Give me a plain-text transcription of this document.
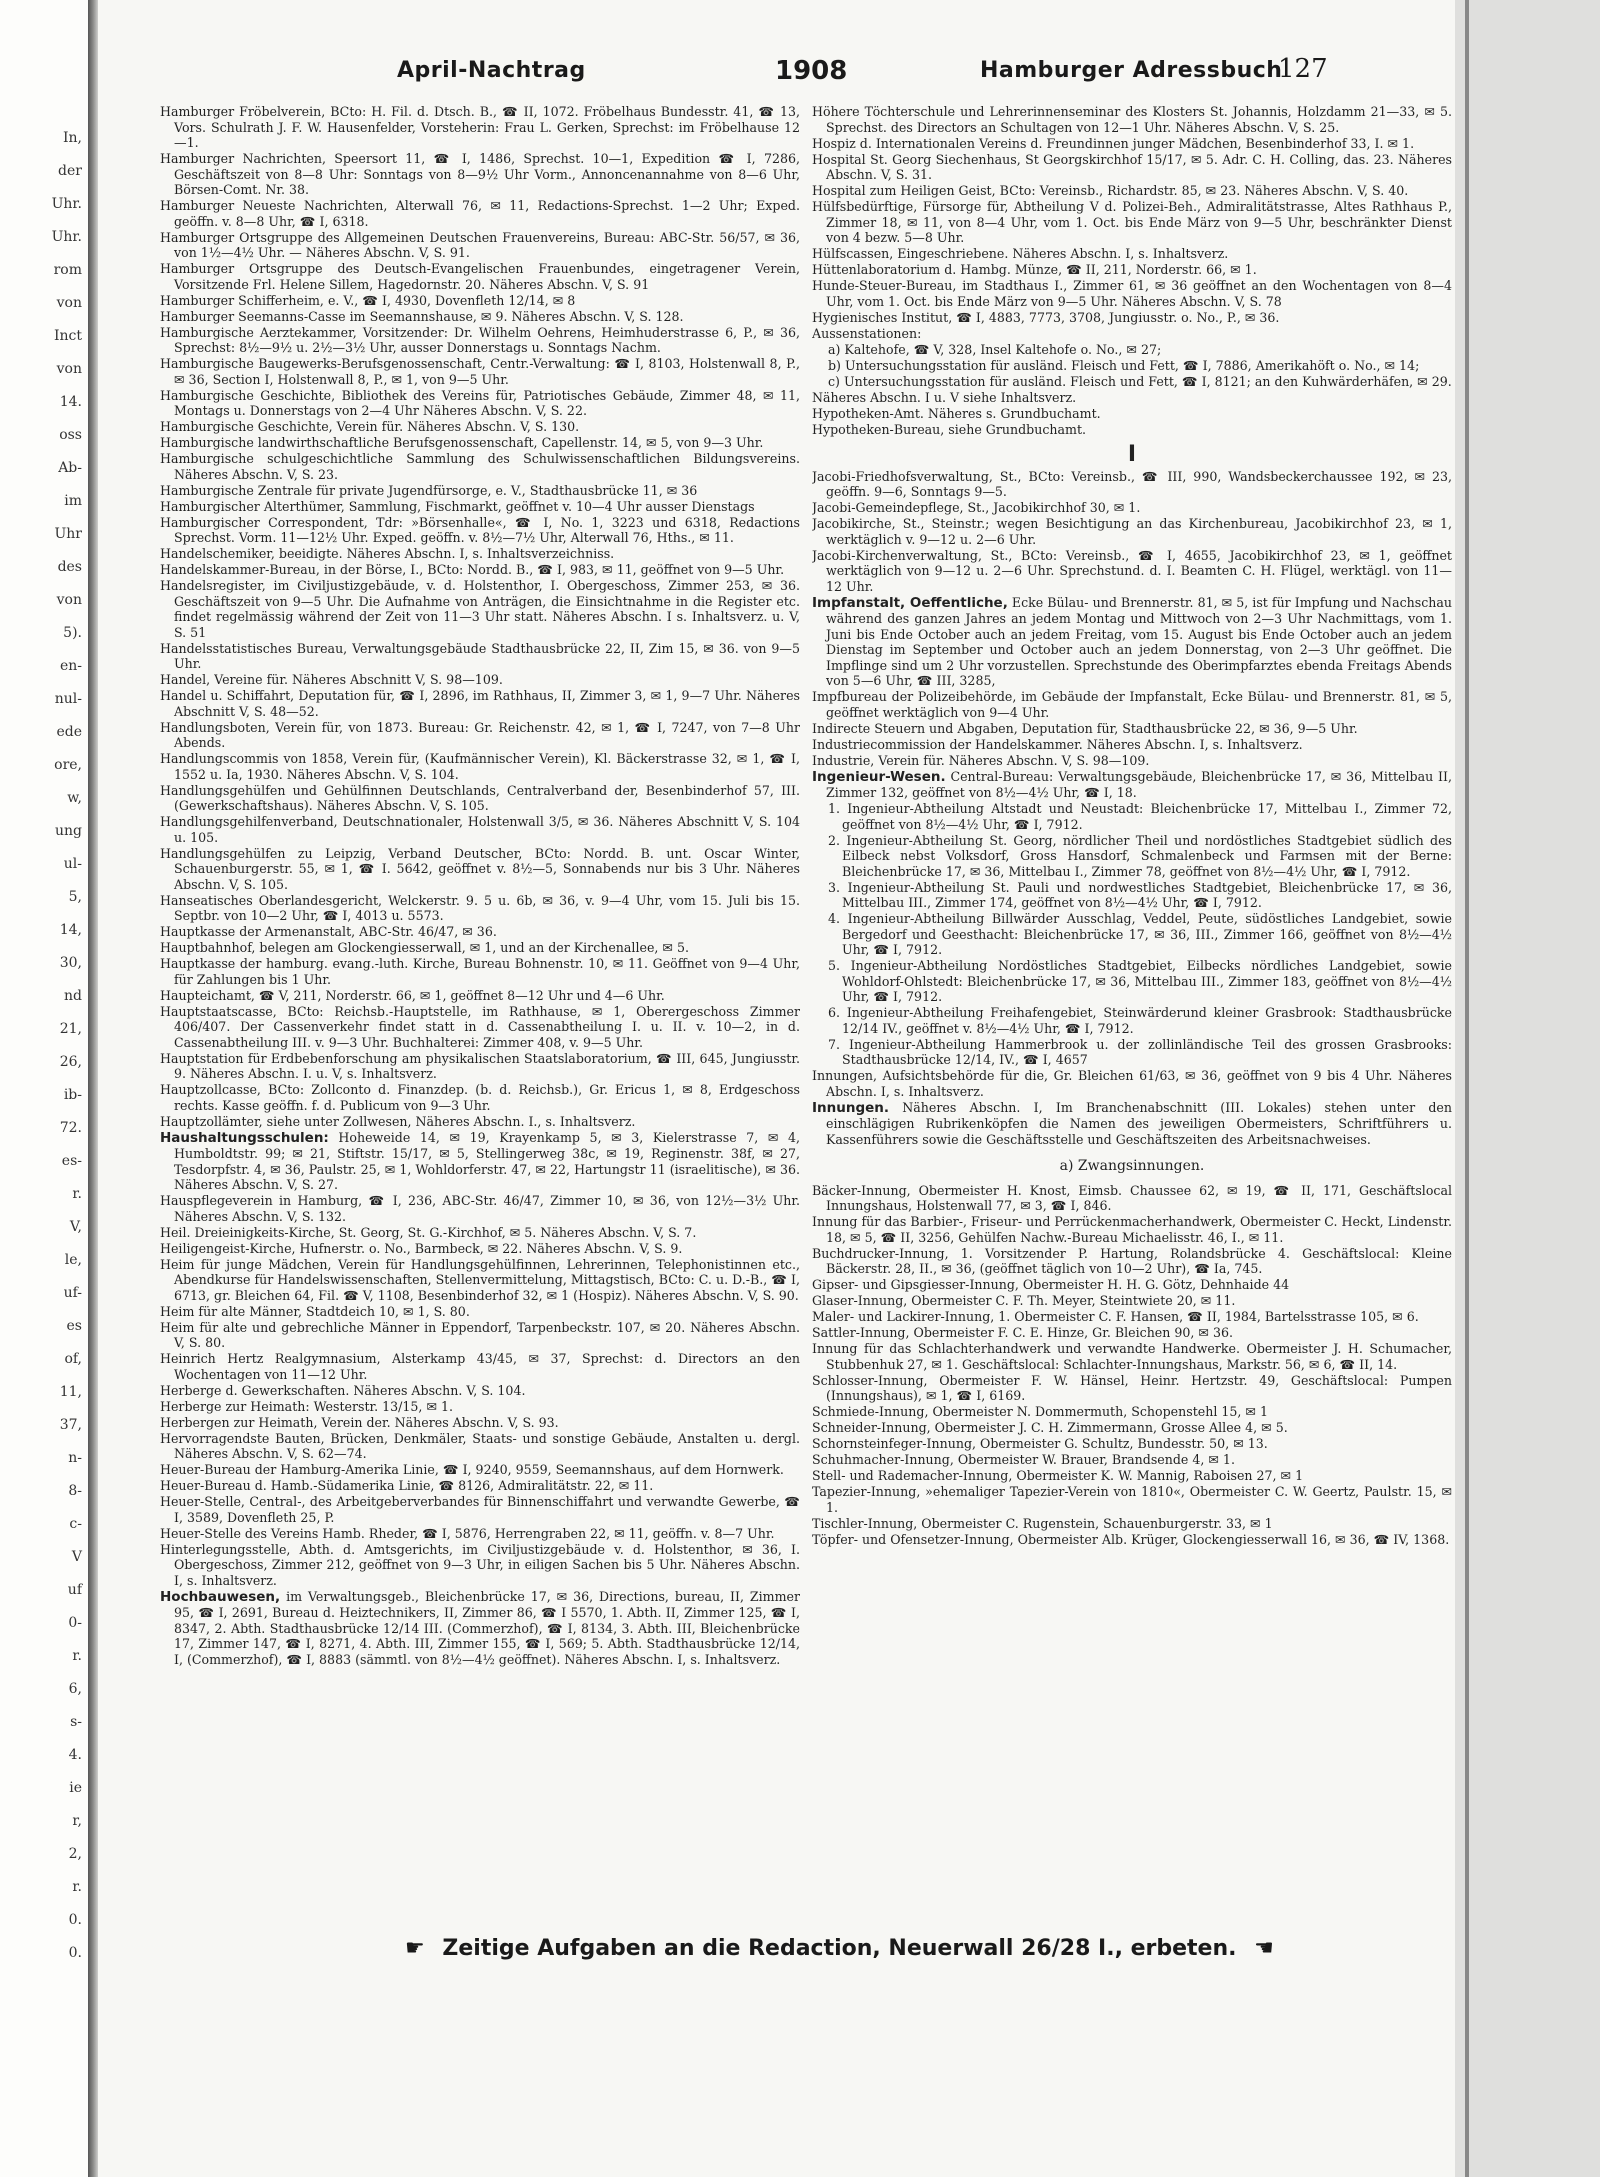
In,
der
Uhr.
Uhr.
rom
von
Inct
von
14.
oss
Ab-
im
Uhr
des
von
5).
en-
nul-
ede
ore,
w,
ung
ul-
5,
14,
30,
nd
21,
26,
ib-
72.
es-
r.
V,
le,
uf-
es
of,
11,
37,
n-
8-
c-
V
uf
0-
r.
6,
s-
4.
ie
r,
2,
r.
0.
0.
April-Nachtrag	1908	Hamburger Adressbuch
127
Hamburger Fröbelverein, BCto: H. Fil. d. Dtsch. B., ☎ II, 1072. Fröbelhaus Bundesstr. 41, ☎ 13, Vors. Schulrath J. F. W. Hausenfelder, Vorsteherin: Frau L. Gerken, Sprechst: im Fröbelhause 12—1.
Hamburger Nachrichten, Speersort 11, ☎ I, 1486, Sprechst. 10—1, Expedition ☎ I, 7286, Geschäftszeit von 8—8 Uhr: Sonntags von 8—9½ Uhr Vorm., Annoncenannahme von 8—6 Uhr, Börsen-Comt. Nr. 38.
Hamburger Neueste Nachrichten, Alterwall 76, ✉ 11, Redactions-Sprechst. 1—2 Uhr; Exped. geöffn. v. 8—8 Uhr, ☎ I, 6318.
Hamburger Ortsgruppe des Allgemeinen Deutschen Frauenvereins, Bureau: ABC-Str. 56/57, ✉ 36, von 1½—4½ Uhr. — Näheres Abschn. V, S. 91.
Hamburger Ortsgruppe des Deutsch-Evangelischen Frauenbundes, eingetragener Verein, Vorsitzende Frl. Helene Sillem, Hagedornstr. 20. Näheres Abschn. V, S. 91
Hamburger Schifferheim, e. V., ☎ I, 4930, Dovenfleth 12/14, ✉ 8
Hamburger Seemanns-Casse im Seemannshause, ✉ 9. Näheres Abschn. V, S. 128.
Hamburgische Aerztekammer, Vorsitzender: Dr. Wilhelm Oehrens, Heimhuderstrasse 6, P., ✉ 36, Sprechst: 8½—9½ u. 2½—3½ Uhr, ausser Donnerstags u. Sonntags Nachm.
Hamburgische Baugewerks-Berufsgenossenschaft, Centr.-Verwaltung: ☎ I, 8103, Holstenwall 8, P., ✉ 36, Section I, Holstenwall 8, P., ✉ 1, von 9—5 Uhr.
Hamburgische Geschichte, Bibliothek des Vereins für, Patriotisches Gebäude, Zimmer 48, ✉ 11, Montags u. Donnerstags von 2—4 Uhr Näheres Abschn. V, S. 22.
Hamburgische Geschichte, Verein für. Näheres Abschn. V, S. 130.
Hamburgische landwirthschaftliche Berufsgenossenschaft, Capellenstr. 14, ✉ 5, von 9—3 Uhr.
Hamburgische schulgeschichtliche Sammlung des Schulwissenschaftlichen Bildungsvereins. Näheres Abschn. V, S. 23.
Hamburgische Zentrale für private Jugendfürsorge, e. V., Stadthausbrücke 11, ✉ 36
Hamburgischer Alterthümer, Sammlung, Fischmarkt, geöffnet v. 10—4 Uhr ausser Dienstags
Hamburgischer Correspondent, Tdr: »Börsenhalle«, ☎ I, No. 1, 3223 und 6318, Redactions Sprechst. Vorm. 11—12½ Uhr. Exped. geöffn. v. 8½—7½ Uhr, Alterwall 76, Hths., ✉ 11.
Handelschemiker, beeidigte. Näheres Abschn. I, s. Inhaltsverzeichniss.
Handelskammer-Bureau, in der Börse, I., BCto: Nordd. B., ☎ I, 983, ✉ 11, geöffnet von 9—5 Uhr.
Handelsregister, im Civiljustizgebäude, v. d. Holstenthor, I. Obergeschoss, Zimmer 253, ✉ 36. Geschäftszeit von 9—5 Uhr. Die Aufnahme von Anträgen, die Einsichtnahme in die Register etc. findet regelmässig während der Zeit von 11—3 Uhr statt. Näheres Abschn. I s. Inhaltsverz. u. V, S. 51
Handelsstatistisches Bureau, Verwaltungsgebäude Stadthausbrücke 22, II, Zim 15, ✉ 36. von 9—5 Uhr.
Handel, Vereine für. Näheres Abschnitt V, S. 98—109.
Handel u. Schiffahrt, Deputation für, ☎ I, 2896, im Rathhaus, II, Zimmer 3, ✉ 1, 9—7 Uhr. Näheres Abschnitt V, S. 48—52.
Handlungsboten, Verein für, von 1873. Bureau: Gr. Reichenstr. 42, ✉ 1, ☎ I, 7247, von 7—8 Uhr Abends.
Handlungscommis von 1858, Verein für, (Kaufmännischer Verein), Kl. Bäckerstrasse 32, ✉ 1, ☎ I, 1552 u. Ia, 1930. Näheres Abschn. V, S. 104.
Handlungsgehülfen und Gehülfinnen Deutschlands, Centralverband der, Besenbinderhof 57, III. (Gewerkschaftshaus). Näheres Abschn. V, S. 105.
Handlungsgehilfenverband, Deutschnationaler, Holstenwall 3/5, ✉ 36. Näheres Abschnitt V, S. 104 u. 105.
Handlungsgehülfen zu Leipzig, Verband Deutscher, BCto: Nordd. B. unt. Oscar Winter, Schauenburgerstr. 55, ✉ 1, ☎ I. 5642, geöffnet v. 8½—5, Sonnabends nur bis 3 Uhr. Näheres Abschn. V, S. 105.
Hanseatisches Oberlandesgericht, Welckerstr. 9. 5 u. 6b, ✉ 36, v. 9—4 Uhr, vom 15. Juli bis 15. Septbr. von 10—2 Uhr, ☎ I, 4013 u. 5573.
Hauptkasse der Armenanstalt, ABC-Str. 46/47, ✉ 36.
Hauptbahnhof, belegen am Glockengiesserwall, ✉ 1, und an der Kirchenallee, ✉ 5.
Hauptkasse der hamburg. evang.-luth. Kirche, Bureau Bohnenstr. 10, ✉ 11. Geöffnet von 9—4 Uhr, für Zahlungen bis 1 Uhr.
Haupteichamt, ☎ V, 211, Norderstr. 66, ✉ 1, geöffnet 8—12 Uhr und 4—6 Uhr.
Hauptstaatscasse, BCto: Reichsb.-Hauptstelle, im Rathhause, ✉ 1, Oberergeschoss Zimmer 406/407. Der Cassenverkehr findet statt in d. Cassenabtheilung I. u. II. v. 10—2, in d. Cassenabtheilung III. v. 9—3 Uhr. Buchhalterei: Zimmer 408, v. 9—5 Uhr.
Hauptstation für Erdbebenforschung am physikalischen Staatslaboratorium, ☎ III, 645, Jungiusstr. 9. Näheres Abschn. I. u. V, s. Inhaltsverz.
Hauptzollcasse, BCto: Zollconto d. Finanzdep. (b. d. Reichsb.), Gr. Ericus 1, ✉ 8, Erdgeschoss rechts. Kasse geöffn. f. d. Publicum von 9—3 Uhr.
Hauptzollämter, siehe unter Zollwesen, Näheres Abschn. I., s. Inhaltsverz.
Haushaltungsschulen: Hoheweide 14, ✉ 19, Krayenkamp 5, ✉ 3, Kielerstrasse 7, ✉ 4, Humboldtstr. 99; ✉ 21, Stiftstr. 15/17, ✉ 5, Stellingerweg 38c, ✉ 19, Reginenstr. 38f, ✉ 27, Tesdorpfstr. 4, ✉ 36, Paulstr. 25, ✉ 1, Wohldorferstr. 47, ✉ 22, Hartungstr 11 (israelitische), ✉ 36. Näheres Abschn. V, S. 27.
Hauspflegeverein in Hamburg, ☎ I, 236, ABC-Str. 46/47, Zimmer 10, ✉ 36, von 12½—3½ Uhr. Näheres Abschn. V, S. 132.
Heil. Dreieinigkeits-Kirche, St. Georg, St. G.-Kirchhof, ✉ 5. Näheres Abschn. V, S. 7.
Heiligengeist-Kirche, Hufnerstr. o. No., Barmbeck, ✉ 22. Näheres Abschn. V, S. 9.
Heim für junge Mädchen, Verein für Handlungsgehülfinnen, Lehrerinnen, Telephonistinnen etc., Abendkurse für Handelswissenschaften, Stellenvermittelung, Mittagstisch, BCto: C. u. D.-B., ☎ I, 6713, gr. Bleichen 64, Fil. ☎ V, 1108, Besenbinderhof 32, ✉ 1 (Hospiz). Näheres Abschn. V, S. 90.
Heim für alte Männer, Stadtdeich 10, ✉ 1, S. 80.
Heim für alte und gebrechliche Männer in Eppendorf, Tarpenbeckstr. 107, ✉ 20. Näheres Abschn. V, S. 80.
Heinrich Hertz Realgymnasium, Alsterkamp 43/45, ✉ 37, Sprechst: d. Directors an den Wochentagen von 11—12 Uhr.
Herberge d. Gewerkschaften. Näheres Abschn. V, S. 104.
Herberge zur Heimath: Westerstr. 13/15, ✉ 1.
Herbergen zur Heimath, Verein der. Näheres Abschn. V, S. 93.
Hervorragendste Bauten, Brücken, Denkmäler, Staats- und sonstige Gebäude, Anstalten u. dergl. Näheres Abschn. V, S. 62—74.
Heuer-Bureau der Hamburg-Amerika Linie, ☎ I, 9240, 9559, Seemannshaus, auf dem Hornwerk.
Heuer-Bureau d. Hamb.-Südamerika Linie, ☎ 8126, Admiralitätstr. 22, ✉ 11.
Heuer-Stelle, Central-, des Arbeitgeberverbandes für Binnenschiffahrt und verwandte Gewerbe, ☎ I, 3589, Dovenfleth 25, P.
Heuer-Stelle des Vereins Hamb. Rheder, ☎ I, 5876, Herrengraben 22, ✉ 11, geöffn. v. 8—7 Uhr.
Hinterlegungsstelle, Abth. d. Amtsgerichts, im Civiljustizgebäude v. d. Holstenthor, ✉ 36, I. Obergeschoss, Zimmer 212, geöffnet von 9—3 Uhr, in eiligen Sachen bis 5 Uhr. Näheres Abschn. I, s. Inhaltsverz.
Hochbauwesen, im Verwaltungsgeb., Bleichenbrücke 17, ✉ 36, Directions, bureau, II, Zimmer 95, ☎ I, 2691, Bureau d. Heiztechnikers, II, Zimmer 86, ☎ I 5570, 1. Abth. II, Zimmer 125, ☎ I, 8347, 2. Abth. Stadthausbrücke 12/14 III. (Commerzhof), ☎ I, 8134, 3. Abth. III, Bleichenbrücke 17, Zimmer 147, ☎ I, 8271, 4. Abth. III, Zimmer 155, ☎ I, 569; 5. Abth. Stadthausbrücke 12/14, I, (Commerzhof), ☎ I, 8883 (sämmtl. von 8½—4½ geöffnet). Näheres Abschn. I, s. Inhaltsverz.
Höhere Töchterschule und Lehrerinnenseminar des Klosters St. Johannis, Holzdamm 21—33, ✉ 5. Sprechst. des Directors an Schultagen von 12—1 Uhr. Näheres Abschn. V, S. 25.
Hospiz d. Internationalen Vereins d. Freundinnen junger Mädchen, Besenbinderhof 33, I. ✉ 1.
Hospital St. Georg Siechenhaus, St Georgskirchhof 15/17, ✉ 5. Adr. C. H. Colling, das. 23. Näheres Abschn. V, S. 31.
Hospital zum Heiligen Geist, BCto: Vereinsb., Richardstr. 85, ✉ 23. Näheres Abschn. V, S. 40.
Hülfsbedürftige, Fürsorge für, Abtheilung V d. Polizei-Beh., Admiralitätstrasse, Altes Rathhaus P., Zimmer 18, ✉ 11, von 8—4 Uhr, vom 1. Oct. bis Ende März von 9—5 Uhr, beschränkter Dienst von 4 bezw. 5—8 Uhr.
Hülfscassen, Eingeschriebene. Näheres Abschn. I, s. Inhaltsverz.
Hüttenlaboratorium d. Hambg. Münze, ☎ II, 211, Norderstr. 66, ✉ 1.
Hunde-Steuer-Bureau, im Stadthaus I., Zimmer 61, ✉ 36 geöffnet an den Wochentagen von 8—4 Uhr, vom 1. Oct. bis Ende März von 9—5 Uhr. Näheres Abschn. V, S. 78
Hygienisches Institut, ☎ I, 4883, 7773, 3708, Jungiusstr. o. No., P., ✉ 36.
Aussenstationen:
a) Kaltehofe, ☎ V, 328, Insel Kaltehofe o. No., ✉ 27;
b) Untersuchungsstation für ausländ. Fleisch und Fett, ☎ I, 7886, Amerikahöft o. No., ✉ 14;
c) Untersuchungsstation für ausländ. Fleisch und Fett, ☎ I, 8121; an den Kuhwärderhäfen, ✉ 29.
Näheres Abschn. I u. V siehe Inhaltsverz.
Hypotheken-Amt. Näheres s. Grundbuchamt.
Hypotheken-Bureau, siehe Grundbuchamt.
I
Jacobi-Friedhofsverwaltung, St., BCto: Vereinsb., ☎ III, 990, Wandsbeckerchaussee 192, ✉ 23, geöffn. 9—6, Sonntags 9—5.
Jacobi-Gemeindepflege, St., Jacobikirchhof 30, ✉ 1.
Jacobikirche, St., Steinstr.; wegen Besichtigung an das Kirchenbureau, Jacobikirchhof 23, ✉ 1, werktäglich v. 9—12 u. 2—6 Uhr.
Jacobi-Kirchenverwaltung, St., BCto: Vereinsb., ☎ I, 4655, Jacobikirchhof 23, ✉ 1, geöffnet werktäglich von 9—12 u. 2—6 Uhr. Sprechstund. d. I. Beamten C. H. Flügel, werktägl. von 11—12 Uhr.
Impfanstalt, Oeffentliche, Ecke Bülau- und Brennerstr. 81, ✉ 5, ist für Impfung und Nachschau während des ganzen Jahres an jedem Montag und Mittwoch von 2—3 Uhr Nachmittags, vom 1. Juni bis Ende October auch an jedem Freitag, vom 15. August bis Ende October auch an jedem Dienstag im September und October auch an jedem Donnerstag, von 2—3 Uhr geöffnet. Die Impflinge sind um 2 Uhr vorzustellen. Sprechstunde des Oberimpfarztes ebenda Freitags Abends von 5—6 Uhr, ☎ III, 3285,
Impfbureau der Polizeibehörde, im Gebäude der Impfanstalt, Ecke Bülau- und Brennerstr. 81, ✉ 5, geöffnet werktäglich von 9—4 Uhr.
Indirecte Steuern und Abgaben, Deputation für, Stadthausbrücke 22, ✉ 36, 9—5 Uhr.
Industriecommission der Handelskammer. Näheres Abschn. I, s. Inhaltsverz.
Industrie, Verein für. Näheres Abschn. V, S. 98—109.
Ingenieur-Wesen. Central-Bureau: Verwaltungsgebäude, Bleichenbrücke 17, ✉ 36, Mittelbau II, Zimmer 132, geöffnet von 8½—4½ Uhr, ☎ I, 18.
1. Ingenieur-Abtheilung Altstadt und Neustadt: Bleichenbrücke 17, Mittelbau I., Zimmer 72, geöffnet von 8½—4½ Uhr, ☎ I, 7912.
2. Ingenieur-Abtheilung St. Georg, nördlicher Theil und nordöstliches Stadtgebiet südlich des Eilbeck nebst Volksdorf, Gross Hansdorf, Schmalenbeck und Farmsen mit der Berne: Bleichenbrücke 17, ✉ 36, Mittelbau I., Zimmer 78, geöffnet von 8½—4½ Uhr, ☎ I, 7912.
3. Ingenieur-Abtheilung St. Pauli und nordwestliches Stadtgebiet, Bleichenbrücke 17, ✉ 36, Mittelbau III., Zimmer 174, geöffnet von 8½—4½ Uhr, ☎ I, 7912.
4. Ingenieur-Abtheilung Billwärder Ausschlag, Veddel, Peute, südöstliches Landgebiet, sowie Bergedorf und Geesthacht: Bleichenbrücke 17, ✉ 36, III., Zimmer 166, geöffnet von 8½—4½ Uhr, ☎ I, 7912.
5. Ingenieur-Abtheilung Nordöstliches Stadtgebiet, Eilbecks nördliches Landgebiet, sowie Wohldorf-Ohlstedt: Bleichenbrücke 17, ✉ 36, Mittelbau III., Zimmer 183, geöffnet von 8½—4½ Uhr, ☎ I, 7912.
6. Ingenieur-Abtheilung Freihafengebiet, Steinwärderund kleiner Grasbrook: Stadthausbrücke 12/14 IV., geöffnet v. 8½—4½ Uhr, ☎ I, 7912.
7. Ingenieur-Abtheilung Hammerbrook u. der zollinländische Teil des grossen Grasbrooks: Stadthausbrücke 12/14, IV., ☎ I, 4657
Innungen, Aufsichtsbehörde für die, Gr. Bleichen 61/63, ✉ 36, geöffnet von 9 bis 4 Uhr. Näheres Abschn. I, s. Inhaltsverz.
Innungen. Näheres Abschn. I, Im Branchenabschnitt (III. Lokales) stehen unter den einschlägigen Rubrikenköpfen die Namen des jeweiligen Obermeisters, Schriftführers u. Kassenführers sowie die Geschäftsstelle und Geschäftszeiten des Arbeitsnachweises.
a) Zwangsinnungen.
Bäcker-Innung, Obermeister H. Knost, Eimsb. Chaussee 62, ✉ 19, ☎ II, 171, Geschäftslocal Innungshaus, Holstenwall 77, ✉ 3, ☎ I, 846.
Innung für das Barbier-, Friseur- und Perrückenmacherhandwerk, Obermeister C. Heckt, Lindenstr. 18, ✉ 5, ☎ II, 3256, Gehülfen Nachw.-Bureau Michaelisstr. 46, I., ✉ 11.
Buchdrucker-Innung, 1. Vorsitzender P. Hartung, Rolandsbrücke 4. Geschäftslocal: Kleine Bäckerstr. 28, II., ✉ 36, (geöffnet täglich von 10—2 Uhr), ☎ Ia, 745.
Gipser- und Gipsgiesser-Innung, Obermeister H. H. G. Götz, Dehnhaide 44
Glaser-Innung, Obermeister C. F. Th. Meyer, Steintwiete 20, ✉ 11.
Maler- und Lackirer-Innung, 1. Obermeister C. F. Hansen, ☎ II, 1984, Bartelsstrasse 105, ✉ 6.
Sattler-Innung, Obermeister F. C. E. Hinze, Gr. Bleichen 90, ✉ 36.
Innung für das Schlachterhandwerk und verwandte Handwerke. Obermeister J. H. Schumacher, Stubbenhuk 27, ✉ 1. Geschäftslocal: Schlachter-Innungshaus, Markstr. 56, ✉ 6, ☎ II, 14.
Schlosser-Innung, Obermeister F. W. Hänsel, Heinr. Hertzstr. 49, Geschäftslocal: Pumpen (Innungshaus), ✉ 1, ☎ I, 6169.
Schmiede-Innung, Obermeister N. Dommermuth, Schopenstehl 15, ✉ 1
Schneider-Innung, Obermeister J. C. H. Zimmermann, Grosse Allee 4, ✉ 5.
Schornsteinfeger-Innung, Obermeister G. Schultz, Bundesstr. 50, ✉ 13.
Schuhmacher-Innung, Obermeister W. Brauer, Brandsende 4, ✉ 1.
Stell- und Rademacher-Innung, Obermeister K. W. Mannig, Raboisen 27, ✉ 1
Tapezier-Innung, »ehemaliger Tapezier-Verein von 1810«, Obermeister C. W. Geertz, Paulstr. 15, ✉ 1.
Tischler-Innung, Obermeister C. Rugenstein, Schauenburgerstr. 33, ✉ 1
Töpfer- und Ofensetzer-Innung, Obermeister Alb. Krüger, Glockengiesserwall 16, ✉ 36, ☎ IV, 1368.
☛ Zeitige Aufgaben an die Redaction, Neuerwall 26/28 I., erbeten. ☚
